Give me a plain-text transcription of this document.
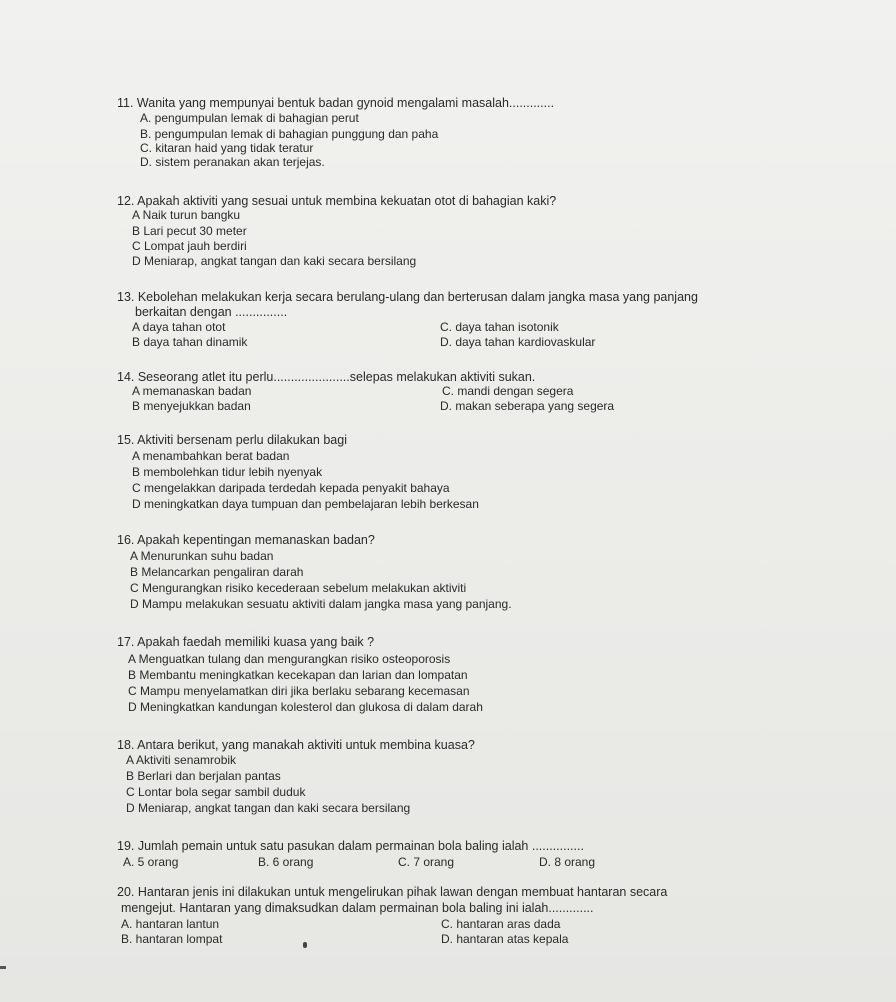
11. Wanita yang mempunyai bentuk badan gynoid mengalami masalah.............
A. pengumpulan lemak di bahagian perut
B. pengumpulan lemak di bahagian punggung dan paha
C. kitaran haid yang tidak teratur
D. sistem peranakan akan terjejas.
12. Apakah aktiviti yang sesuai untuk membina kekuatan otot di bahagian kaki?
A Naik turun bangku
B Lari pecut 30 meter
C Lompat jauh berdiri
D Meniarap, angkat tangan dan kaki secara bersilang
13. Kebolehan melakukan kerja secara berulang-ulang dan berterusan dalam jangka masa yang panjang
berkaitan dengan ...............
A daya tahan otot	C. daya tahan isotonik
B daya tahan dinamik	D. daya tahan kardiovaskular
14. Seseorang atlet itu perlu......................selepas melakukan aktiviti sukan.
A memanaskan badan	C. mandi dengan segera
B menyejukkan badan	D. makan seberapa yang segera
15. Aktiviti bersenam perlu dilakukan bagi
A menambahkan berat badan
B membolehkan tidur lebih nyenyak
C mengelakkan daripada terdedah kepada penyakit bahaya
D meningkatkan daya tumpuan dan pembelajaran lebih berkesan
16. Apakah kepentingan memanaskan badan?
A Menurunkan suhu badan
B Melancarkan pengaliran darah
C Mengurangkan risiko kecederaan sebelum melakukan aktiviti
D Mampu melakukan sesuatu aktiviti dalam jangka masa yang panjang.
17. Apakah faedah memiliki kuasa yang baik ?
A Menguatkan tulang dan mengurangkan risiko osteoporosis
B Membantu meningkatkan kecekapan dan larian dan lompatan
C Mampu menyelamatkan diri jika berlaku sebarang kecemasan
D Meningkatkan kandungan kolesterol dan glukosa di dalam darah
18. Antara berikut, yang manakah aktiviti untuk membina kuasa?
A Aktiviti senamrobik
B Berlari dan berjalan pantas
C Lontar bola segar sambil duduk
D Meniarap, angkat tangan dan kaki secara bersilang
19. Jumlah pemain untuk satu pasukan dalam permainan bola baling ialah ...............
A. 5 orang	B. 6 orang	C. 7 orang	D. 8 orang
20. Hantaran jenis ini dilakukan untuk mengelirukan pihak lawan dengan membuat hantaran secara
mengejut. Hantaran yang dimaksudkan dalam permainan bola baling ini ialah.............
A. hantaran lantun	C. hantaran aras dada
B. hantaran lompat	D. hantaran atas kepala
